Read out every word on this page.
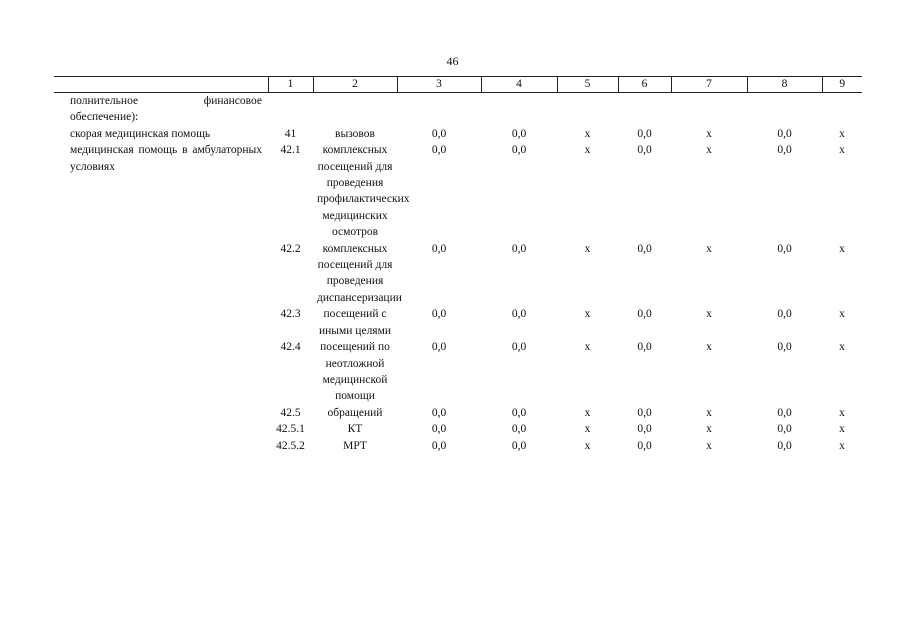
46
	1	2	3	4	5	6	7	8	9
полнительное финансовое обеспечение):									
скорая медицинская помощь	41	вызовов	0,0	0,0	х	0,0	х	0,0	х
медицинская помощь в амбулаторных условиях	42.1	комплексных посещений для проведения профилактических медицинских осмотров	0,0	0,0	х	0,0	х	0,0	х
	42.2	комплексных посещений для проведения диспансеризации	0,0	0,0	х	0,0	х	0,0	х
	42.3	посещений с иными целями	0,0	0,0	х	0,0	х	0,0	х
	42.4	посещений по неотложной медицинской помощи	0,0	0,0	х	0,0	х	0,0	х
	42.5	обращений	0,0	0,0	х	0,0	х	0,0	х
	42.5.1	КТ	0,0	0,0	х	0,0	х	0,0	х
	42.5.2	МРТ	0,0	0,0	х	0,0	х	0,0	х
